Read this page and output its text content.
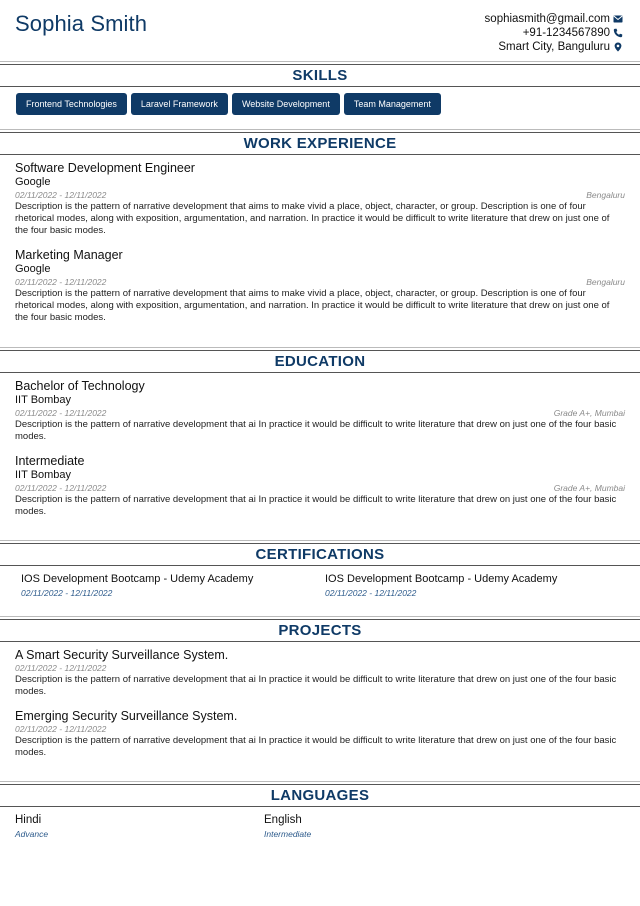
Sophia Smith	sophiasmith@gmail.com
+91-1234567890
Smart City, Banguluru
SKILLS
Frontend Technologies	Laravel Framework	Website Development	Team Management
WORK EXPERIENCE
Software Development Engineer
Google
02/11/2022 - 12/11/2022	Bengaluru
Description is the pattern of narrative development that aims to make vivid a place, object, character, or group. Description is one of four rhetorical modes, along with exposition, argumentation, and narration. In practice it would be difficult to write literature that drew on just one of the four basic modes.
Marketing Manager
Google
02/11/2022 - 12/11/2022	Bengaluru
Description is the pattern of narrative development that aims to make vivid a place, object, character, or group. Description is one of four rhetorical modes, along with exposition, argumentation, and narration. In practice it would be difficult to write literature that drew on just one of the four basic modes.
EDUCATION
Bachelor of Technology
IIT Bombay
02/11/2022 - 12/11/2022	Grade A+, Mumbai
Description is the pattern of narrative development that ai In practice it would be difficult to write literature that drew on just one of the four basic modes.
Intermediate
IIT Bombay
02/11/2022 - 12/11/2022	Grade A+, Mumbai
Description is the pattern of narrative development that ai In practice it would be difficult to write literature that drew on just one of the four basic modes.
CERTIFICATIONS
IOS Development Bootcamp - Udemy Academy
02/11/2022 - 12/11/2022
IOS Development Bootcamp - Udemy Academy
02/11/2022 - 12/11/2022
PROJECTS
A Smart Security Surveillance System.
02/11/2022 - 12/11/2022
Description is the pattern of narrative development that ai In practice it would be difficult to write literature that drew on just one of the four basic modes.
Emerging Security Surveillance System.
02/11/2022 - 12/11/2022
Description is the pattern of narrative development that ai In practice it would be difficult to write literature that drew on just one of the four basic modes.
LANGUAGES
Hindi
Advance
English
Intermediate
